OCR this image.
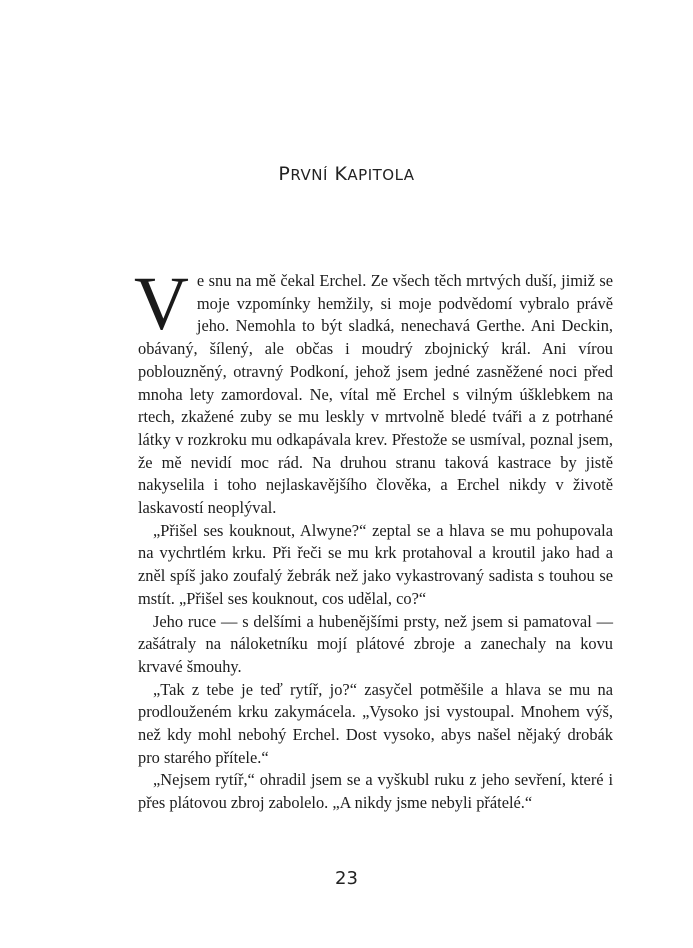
PRVNÍ KAPITOLA

Ve snu na mě čekal Erchel. Ze všech těch mrtvých duší, jimiž se moje vzpomínky hemžily, si moje podvědomí vybralo právě jeho. Nemohla to být sladká, nenechavá Gerthe. Ani Deckin, obávaný, šílený, ale občas i moudrý zbojnický král. Ani vírou poblouzněný, otravný Podkoní, jehož jsem jedné zasněžené noci před mnoha lety zamordoval. Ne, vítal mě Erchel s vilným úšklebkem na rtech, zkažené zuby se mu leskly v mrtvolně bledé tváři a z potrhané látky v rozkroku mu odkapávala krev. Přestože se usmíval, poznal jsem, že mě nevidí moc rád. Na druhou stranu taková kastrace by jistě nakyselila i toho nejlaskavějšího člověka, a Erchel nikdy v životě laskavostí neoplýval.

„Přišel ses kouknout, Alwyne?“ zeptal se a hlava se mu pohupovala na vychrtlém krku. Při řeči se mu krk protahoval a kroutil jako had a zněl spíš jako zoufalý žebrák než jako vykastrovaný sadista s touhou se mstít. „Přišel ses kouknout, cos udělal, co?“

Jeho ruce — s delšími a hubenějšími prsty, než jsem si pamatoval — zašátraly na náloketníku mojí plátové zbroje a zanechaly na kovu krvavé šmouhy.

„Tak z tebe je teď rytíř, jo?“ zasyčel potměšile a hlava se mu na prodlouženém krku zakymácela. „Vysoko jsi vystoupal. Mnohem výš, než kdy mohl nebohý Erchel. Dost vysoko, abys našel nějaký drobák pro starého přítele.“

„Nejsem rytíř,“ ohradil jsem se a vyškubl ruku z jeho sevření, které i přes plátovou zbroj zabolelo. „A nikdy jsme nebyli přátelé.“

23
